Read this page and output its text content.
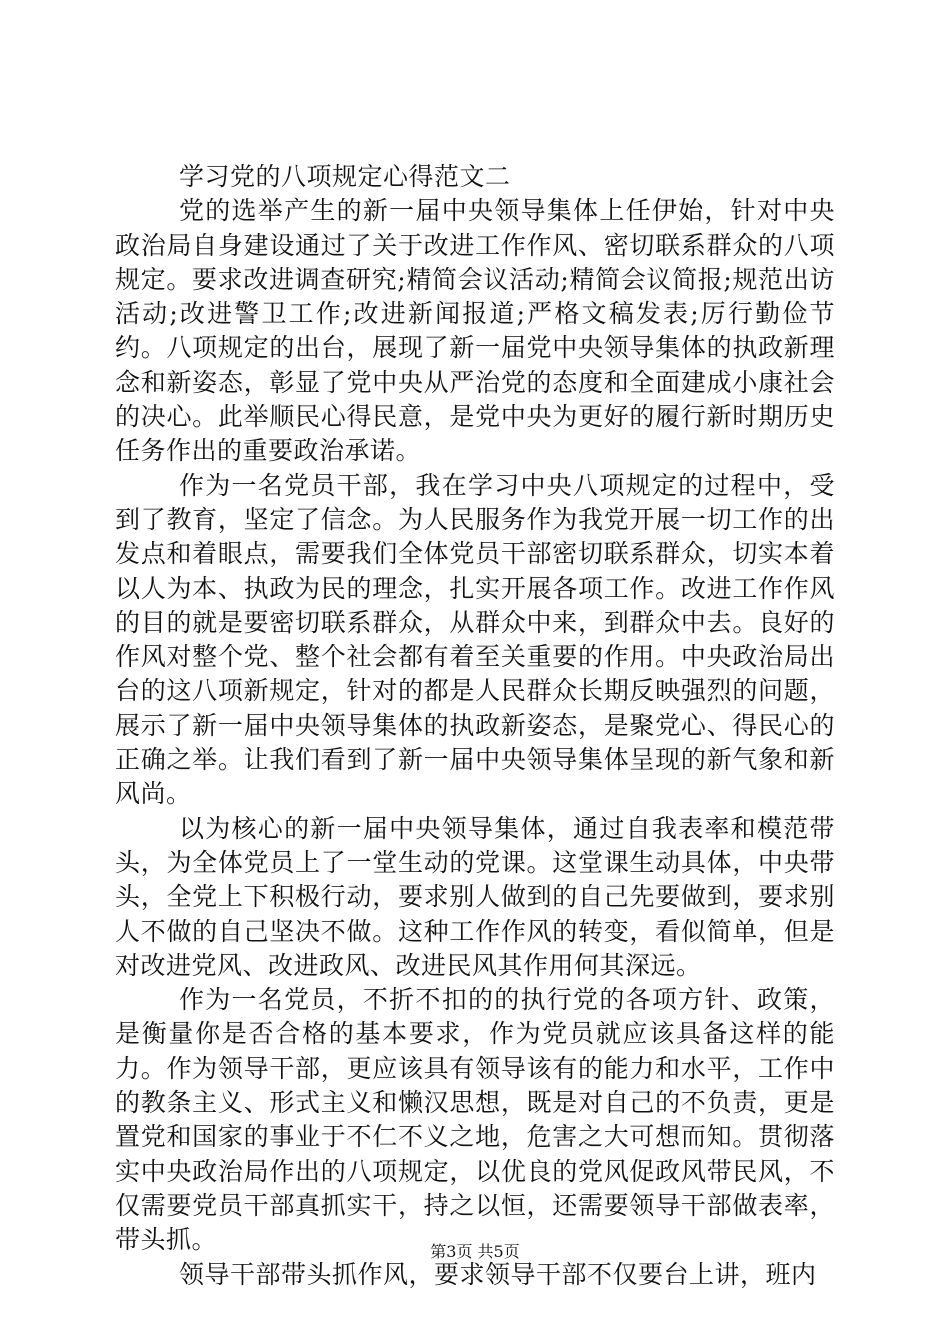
学习党的八项规定心得范文二

党的选举产生的新一届中央领导集体上任伊始，针对中央政治局自身建设通过了关于改进工作作风、密切联系群众的八项规定。要求改进调查研究;精简会议活动;精简会议简报;规范出访活动;改进警卫工作;改进新闻报道;严格文稿发表;厉行勤俭节约。八项规定的出台，展现了新一届党中央领导集体的执政新理念和新姿态，彰显了党中央从严治党的态度和全面建成小康社会的决心。此举顺民心得民意，是党中央为更好的履行新时期历史任务作出的重要政治承诺。

作为一名党员干部，我在学习中央八项规定的过程中，受到了教育，坚定了信念。为人民服务作为我党开展一切工作的出发点和着眼点，需要我们全体党员干部密切联系群众，切实本着以人为本、执政为民的理念，扎实开展各项工作。改进工作作风的目的就是要密切联系群众，从群众中来，到群众中去。良好的作风对整个党、整个社会都有着至关重要的作用。中央政治局出台的这八项新规定，针对的都是人民群众长期反映强烈的问题，展示了新一届中央领导集体的执政新姿态，是聚党心、得民心的正确之举。让我们看到了新一届中央领导集体呈现的新气象和新风尚。

以为核心的新一届中央领导集体，通过自我表率和模范带头，为全体党员上了一堂生动的党课。这堂课生动具体，中央带头，全党上下积极行动，要求别人做到的自己先要做到，要求别人不做的自己坚决不做。这种工作作风的转变，看似简单，但是对改进党风、改进政风、改进民风其作用何其深远。

作为一名党员，不折不扣的的执行党的各项方针、政策，是衡量你是否合格的基本要求，作为党员就应该具备这样的能力。作为领导干部，更应该具有领导该有的能力和水平，工作中的教条主义、形式主义和懒汉思想，既是对自己的不负责，更是置党和国家的事业于不仁不义之地，危害之大可想而知。贯彻落实中央政治局作出的八项规定，以优良的党风促政风带民风，不仅需要党员干部真抓实干，持之以恒，还需要领导干部做表率，带头抓。

领导干部带头抓作风，要求领导干部不仅要台上讲，班内

第3页 共5页
